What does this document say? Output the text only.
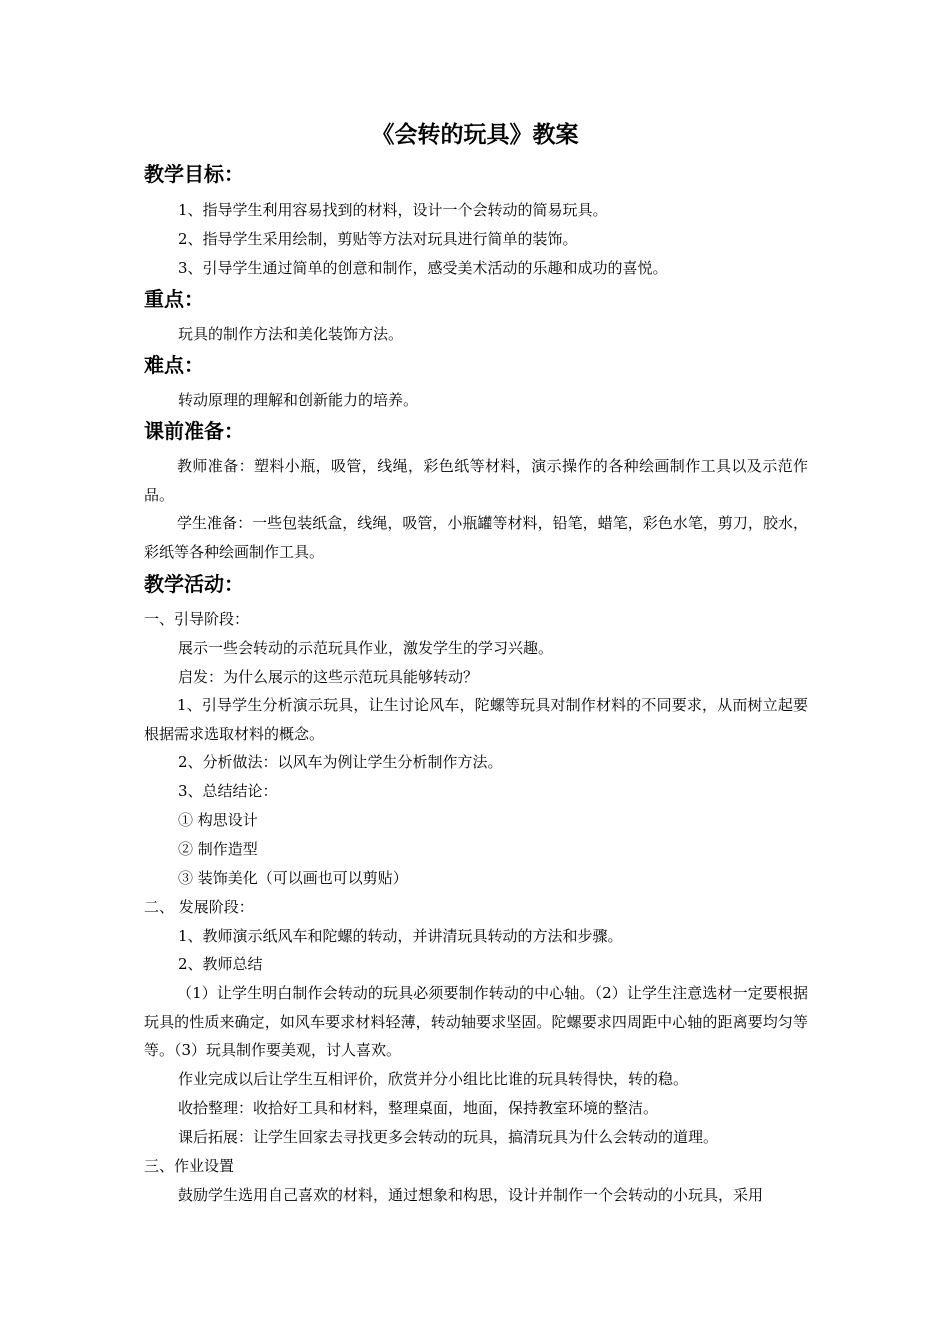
《会转的玩具》教案
教学目标：
1、指导学生利用容易找到的材料，设计一个会转动的简易玩具。
2、指导学生采用绘制，剪贴等方法对玩具进行简单的装饰。
3、引导学生通过简单的创意和制作，感受美术活动的乐趣和成功的喜悦。
重点：
玩具的制作方法和美化装饰方法。
难点：
转动原理的理解和创新能力的培养。
课前准备：
教师准备：塑料小瓶，吸管，线绳，彩色纸等材料，演示操作的各种绘画制作工具以及示范作品。
学生准备：一些包装纸盒，线绳，吸管，小瓶罐等材料，铅笔，蜡笔，彩色水笔，剪刀，胶水，彩纸等各种绘画制作工具。
教学活动：
一、引导阶段：
展示一些会转动的示范玩具作业，激发学生的学习兴趣。
启发：为什么展示的这些示范玩具能够转动？
1、引导学生分析演示玩具，让生讨论风车，陀螺等玩具对制作材料的不同要求，从而树立起要根据需求选取材料的概念。
2、分析做法：以风车为例让学生分析制作方法。
3、总结结论：
① 构思设计
② 制作造型
③ 装饰美化（可以画也可以剪贴）
二、 发展阶段：
1、教师演示纸风车和陀螺的转动，并讲清玩具转动的方法和步骤。
2、教师总结
（1）让学生明白制作会转动的玩具必须要制作转动的中心轴。（2）让学生注意选材一定要根据玩具的性质来确定，如风车要求材料轻薄，转动轴要求坚固。陀螺要求四周距中心轴的距离要均匀等等。（3）玩具制作要美观，讨人喜欢。
作业完成以后让学生互相评价，欣赏并分小组比比谁的玩具转得快，转的稳。
收拾整理：收拾好工具和材料，整理桌面，地面，保持教室环境的整洁。
课后拓展：让学生回家去寻找更多会转动的玩具，搞清玩具为什么会转动的道理。
三、作业设置
鼓励学生选用自己喜欢的材料，通过想象和构思，设计并制作一个会转动的小玩具，采用
